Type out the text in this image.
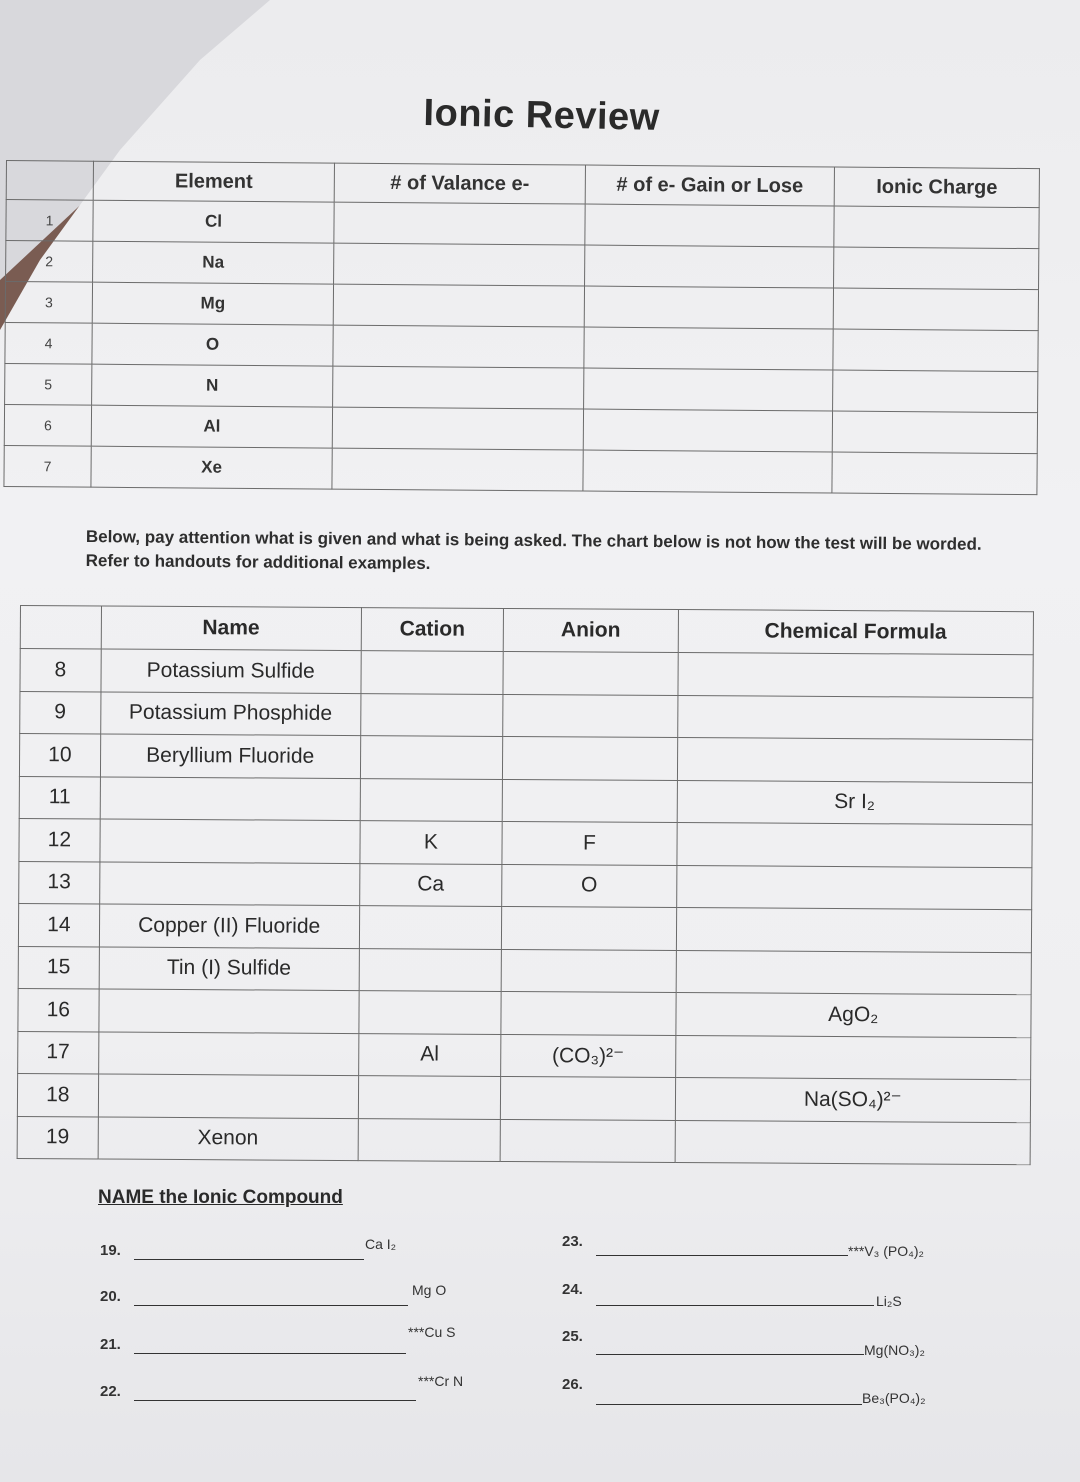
Ionic Review
	Element	# of Valance e-	# of e- Gain or Lose	Ionic Charge
1	Cl			
2	Na			
3	Mg			
4	O			
5	N			
6	Al			
7	Xe			
Below, pay attention what is given and what is being asked. The chart below is not how the test will be worded. Refer to handouts for additional examples.
	Name	Cation	Anion	Chemical Formula
8	Potassium Sulfide			
9	Potassium Phosphide			
10	Beryllium Fluoride			
11				Sr I₂
12		K	F	
13		Ca	O	
14	Copper (II) Fluoride			
15	Tin (I) Sulfide			
16				AgO₂
17		Al	(CO₃)²⁻	
18				Na(SO₄)²⁻
19	Xenon			
NAME the Ionic Compound
19.	Ca I₂
20.	Mg O
21.
***Cu S
22.
***Cr N
23.
***V₃ (PO₄)₂
24.
Li₂S
25.
Mg(NO₃)₂
26.
Be₃(PO₄)₂
